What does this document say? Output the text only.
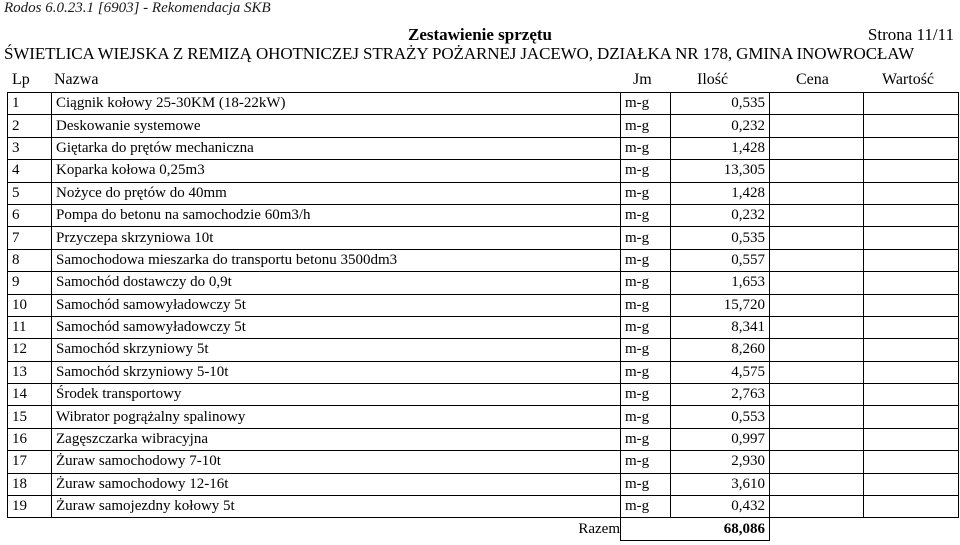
Rodos 6.0.23.1 [6903] - Rekomendacja SKB
Zestawienie sprzętu	Strona 11/11
ŚWIETLICA WIEJSKA Z REMIZĄ OHOTNICZEJ STRAŻY POŻARNEJ JACEWO, DZIAŁKA NR 178, GMINA INOWROCŁAW
Lp Nazwa	Jm	Ilość	Cena	Wartość
1	Ciągnik kołowy 25-30KM (18-22kW)	m-g	0,535		
2	Deskowanie systemowe	m-g	0,232		
3	Giętarka do prętów mechaniczna	m-g	1,428		
4	Koparka kołowa 0,25m3	m-g	13,305		
5	Nożyce do prętów do 40mm	m-g	1,428		
6	Pompa do betonu na samochodzie 60m3/h	m-g	0,232		
7	Przyczepa skrzyniowa 10t	m-g	0,535		
8	Samochodowa mieszarka do transportu betonu 3500dm3	m-g	0,557		
9	Samochód dostawczy do 0,9t	m-g	1,653		
10	Samochód samowyładowczy 5t	m-g	15,720		
11	Samochód samowyładowczy 5t	m-g	8,341		
12	Samochód skrzyniowy 5t	m-g	8,260		
13	Samochód skrzyniowy 5-10t	m-g	4,575		
14	Środek transportowy	m-g	2,763		
15	Wibrator pogrążalny spalinowy	m-g	0,553		
16	Zagęszczarka wibracyjna	m-g	0,997		
17	Żuraw samochodowy 7-10t	m-g	2,930		
18	Żuraw samochodowy 12-16t	m-g	3,610		
19	Żuraw samojezdny kołowy 5t	m-g	0,432		
	Razem	68,086			
